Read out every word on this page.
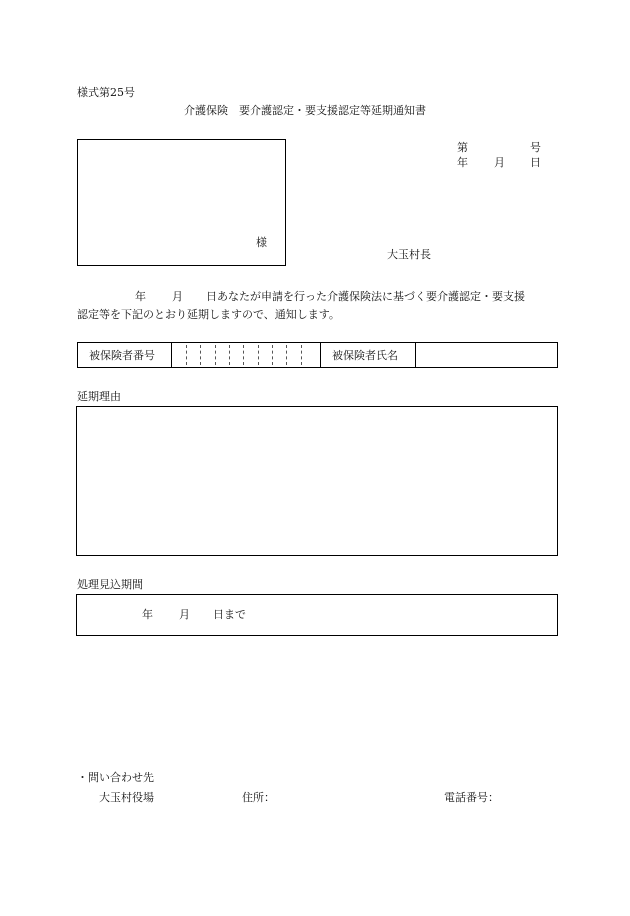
様式第25号
介護保険　要介護認定・要支援認定等延期通知書
第	号
年 月 日
様
大玉村長
年 月 日あなたが申請を行った介護保険法に基づく要介護認定・要支援
認定等を下記のとおり延期しますので、通知します。
被保険者番号	被保険者氏名
延期理由
処理見込期間
年 月 日まで
・問い合わせ先
大玉村役場	住所：	電話番号：
